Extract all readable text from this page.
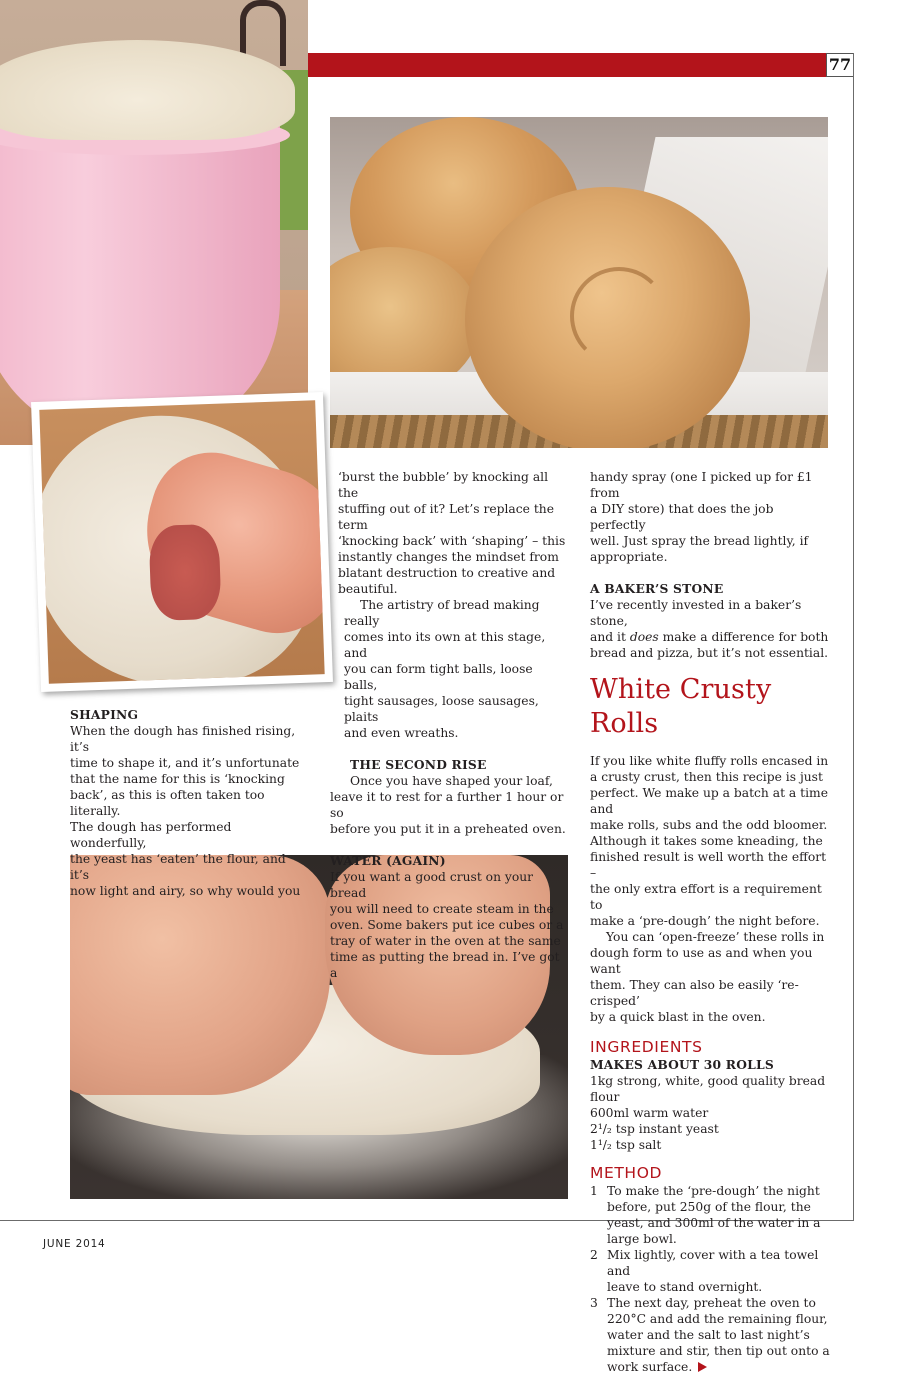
77

SHAPING

When the dough has finished rising, it’s
time to shape it, and it’s unfortunate
that the name for this is ‘knocking
back’, as this is often taken too literally.
The dough has performed wonderfully,
the yeast has ‘eaten’ the flour, and it’s
now light and airy, so why would you

‘burst the bubble’ by knocking all the
stuffing out of it? Let’s replace the term
‘knocking back’ with ‘shaping’ – this
instantly changes the mindset from
blatant destruction to creative and
beautiful.

The artistry of bread making really
comes into its own at this stage, and
you can form tight balls, loose balls,
tight sausages, loose sausages, plaits
and even wreaths.

THE SECOND RISE

Once you have shaped your loaf,
leave it to rest for a further 1 hour or so
before you put it in a preheated oven.

WATER (AGAIN)

If you want a good crust on your bread
you will need to create steam in the
oven. Some bakers put ice cubes or a
tray of water in the oven at the same
time as putting the bread in. I’ve got a

handy spray (one I picked up for £1 from
a DIY store) that does the job perfectly
well. Just spray the bread lightly, if
appropriate.

A BAKER’S STONE

I’ve recently invested in a baker’s stone,
and it does make a difference for both
bread and pizza, but it’s not essential.

White Crusty Rolls

If you like white fluffy rolls encased in
a crusty crust, then this recipe is just
perfect. We make up a batch at a time and
make rolls, subs and the odd bloomer.
Although it takes some kneading, the
finished result is well worth the effort –
the only extra effort is a requirement to
make a ‘pre-dough’ the night before.

You can ‘open-freeze’ these rolls in
dough form to use as and when you want
them. They can also be easily ‘re-crisped’
by a quick blast in the oven.

INGREDIENTS

MAKES ABOUT 30 ROLLS

1kg strong, white, good quality bread
flour
600ml warm water
2¹/₂ tsp instant yeast
1¹/₂ tsp salt

METHOD

1 To make the ‘pre-dough’ the night
before, put 250g of the flour, the
yeast, and 300ml of the water in a
large bowl.
2 Mix lightly, cover with a tea towel and
leave to stand overnight.
3 The next day, preheat the oven to
220°C and add the remaining flour,
water and the salt to last night’s
mixture and stir, then tip out onto a
work surface.
JUNE 2014
